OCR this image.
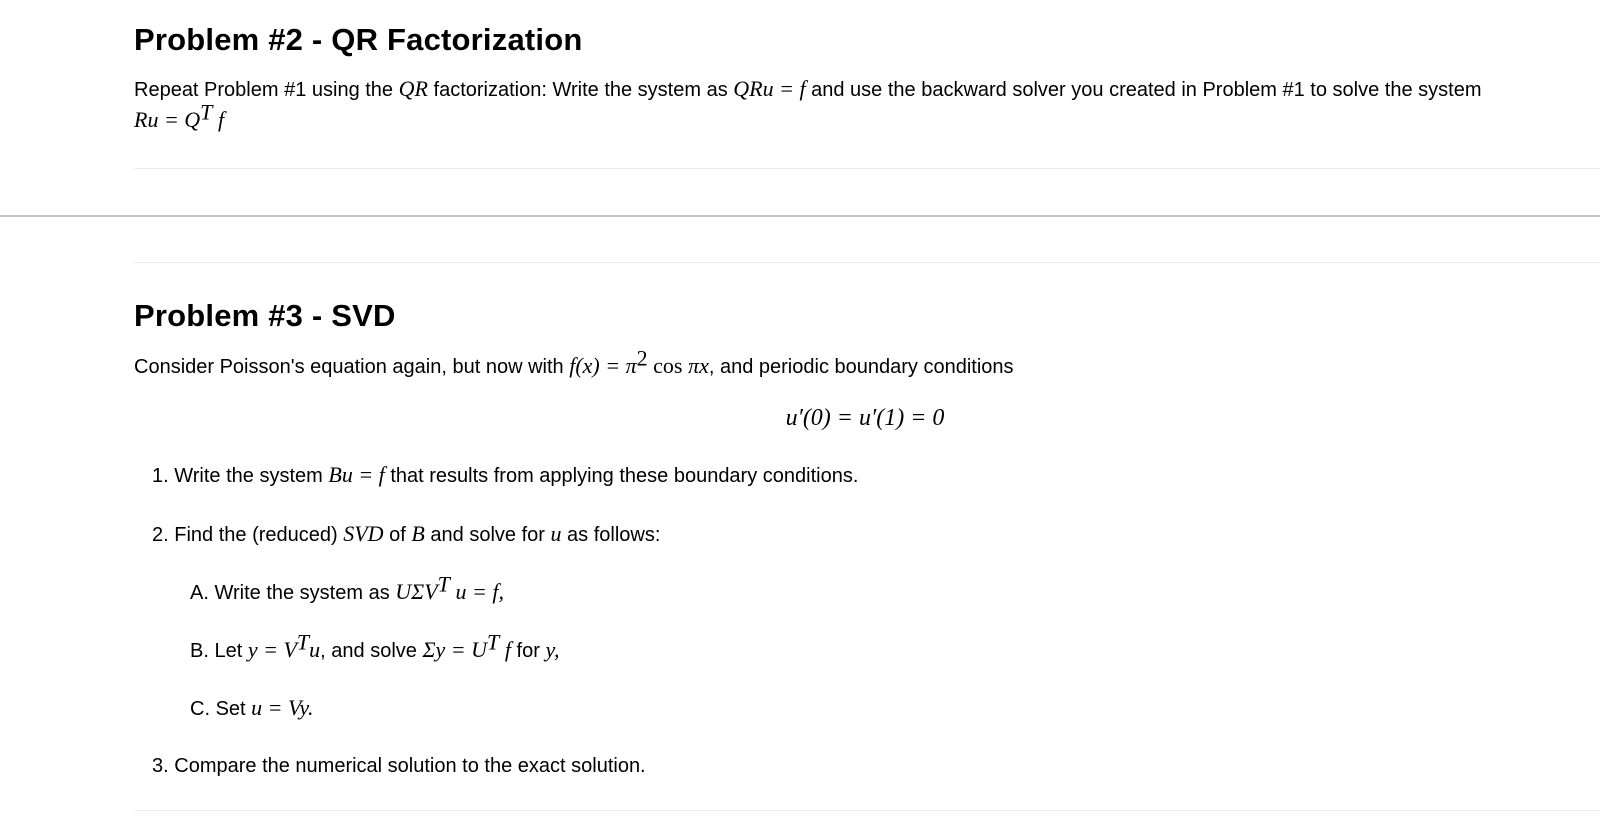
Problem #2 - QR Factorization
Repeat Problem #1 using the QR factorization: Write the system as QRu = f and use the backward solver you created in Problem #1 to solve the system
$Ru = Q^T$ f
Problem #3 - SVD
Consider Poisson's equation again, but now with $f(x) = \pi^2$ cos πx, and periodic boundary conditions
u′(0) = u′(1) = 0
1. Write the system Bu = f that results from applying these boundary conditions.
2. Find the (reduced) SVD of B and solve for u as follows:
A. Write the system as $U\Sigma V^T$ u = f,
B. Let $y = V^Tu$, and solve $\Sigma y = U^T$ f for y,
C. Set u = Vy.
3. Compare the numerical solution to the exact solution.
